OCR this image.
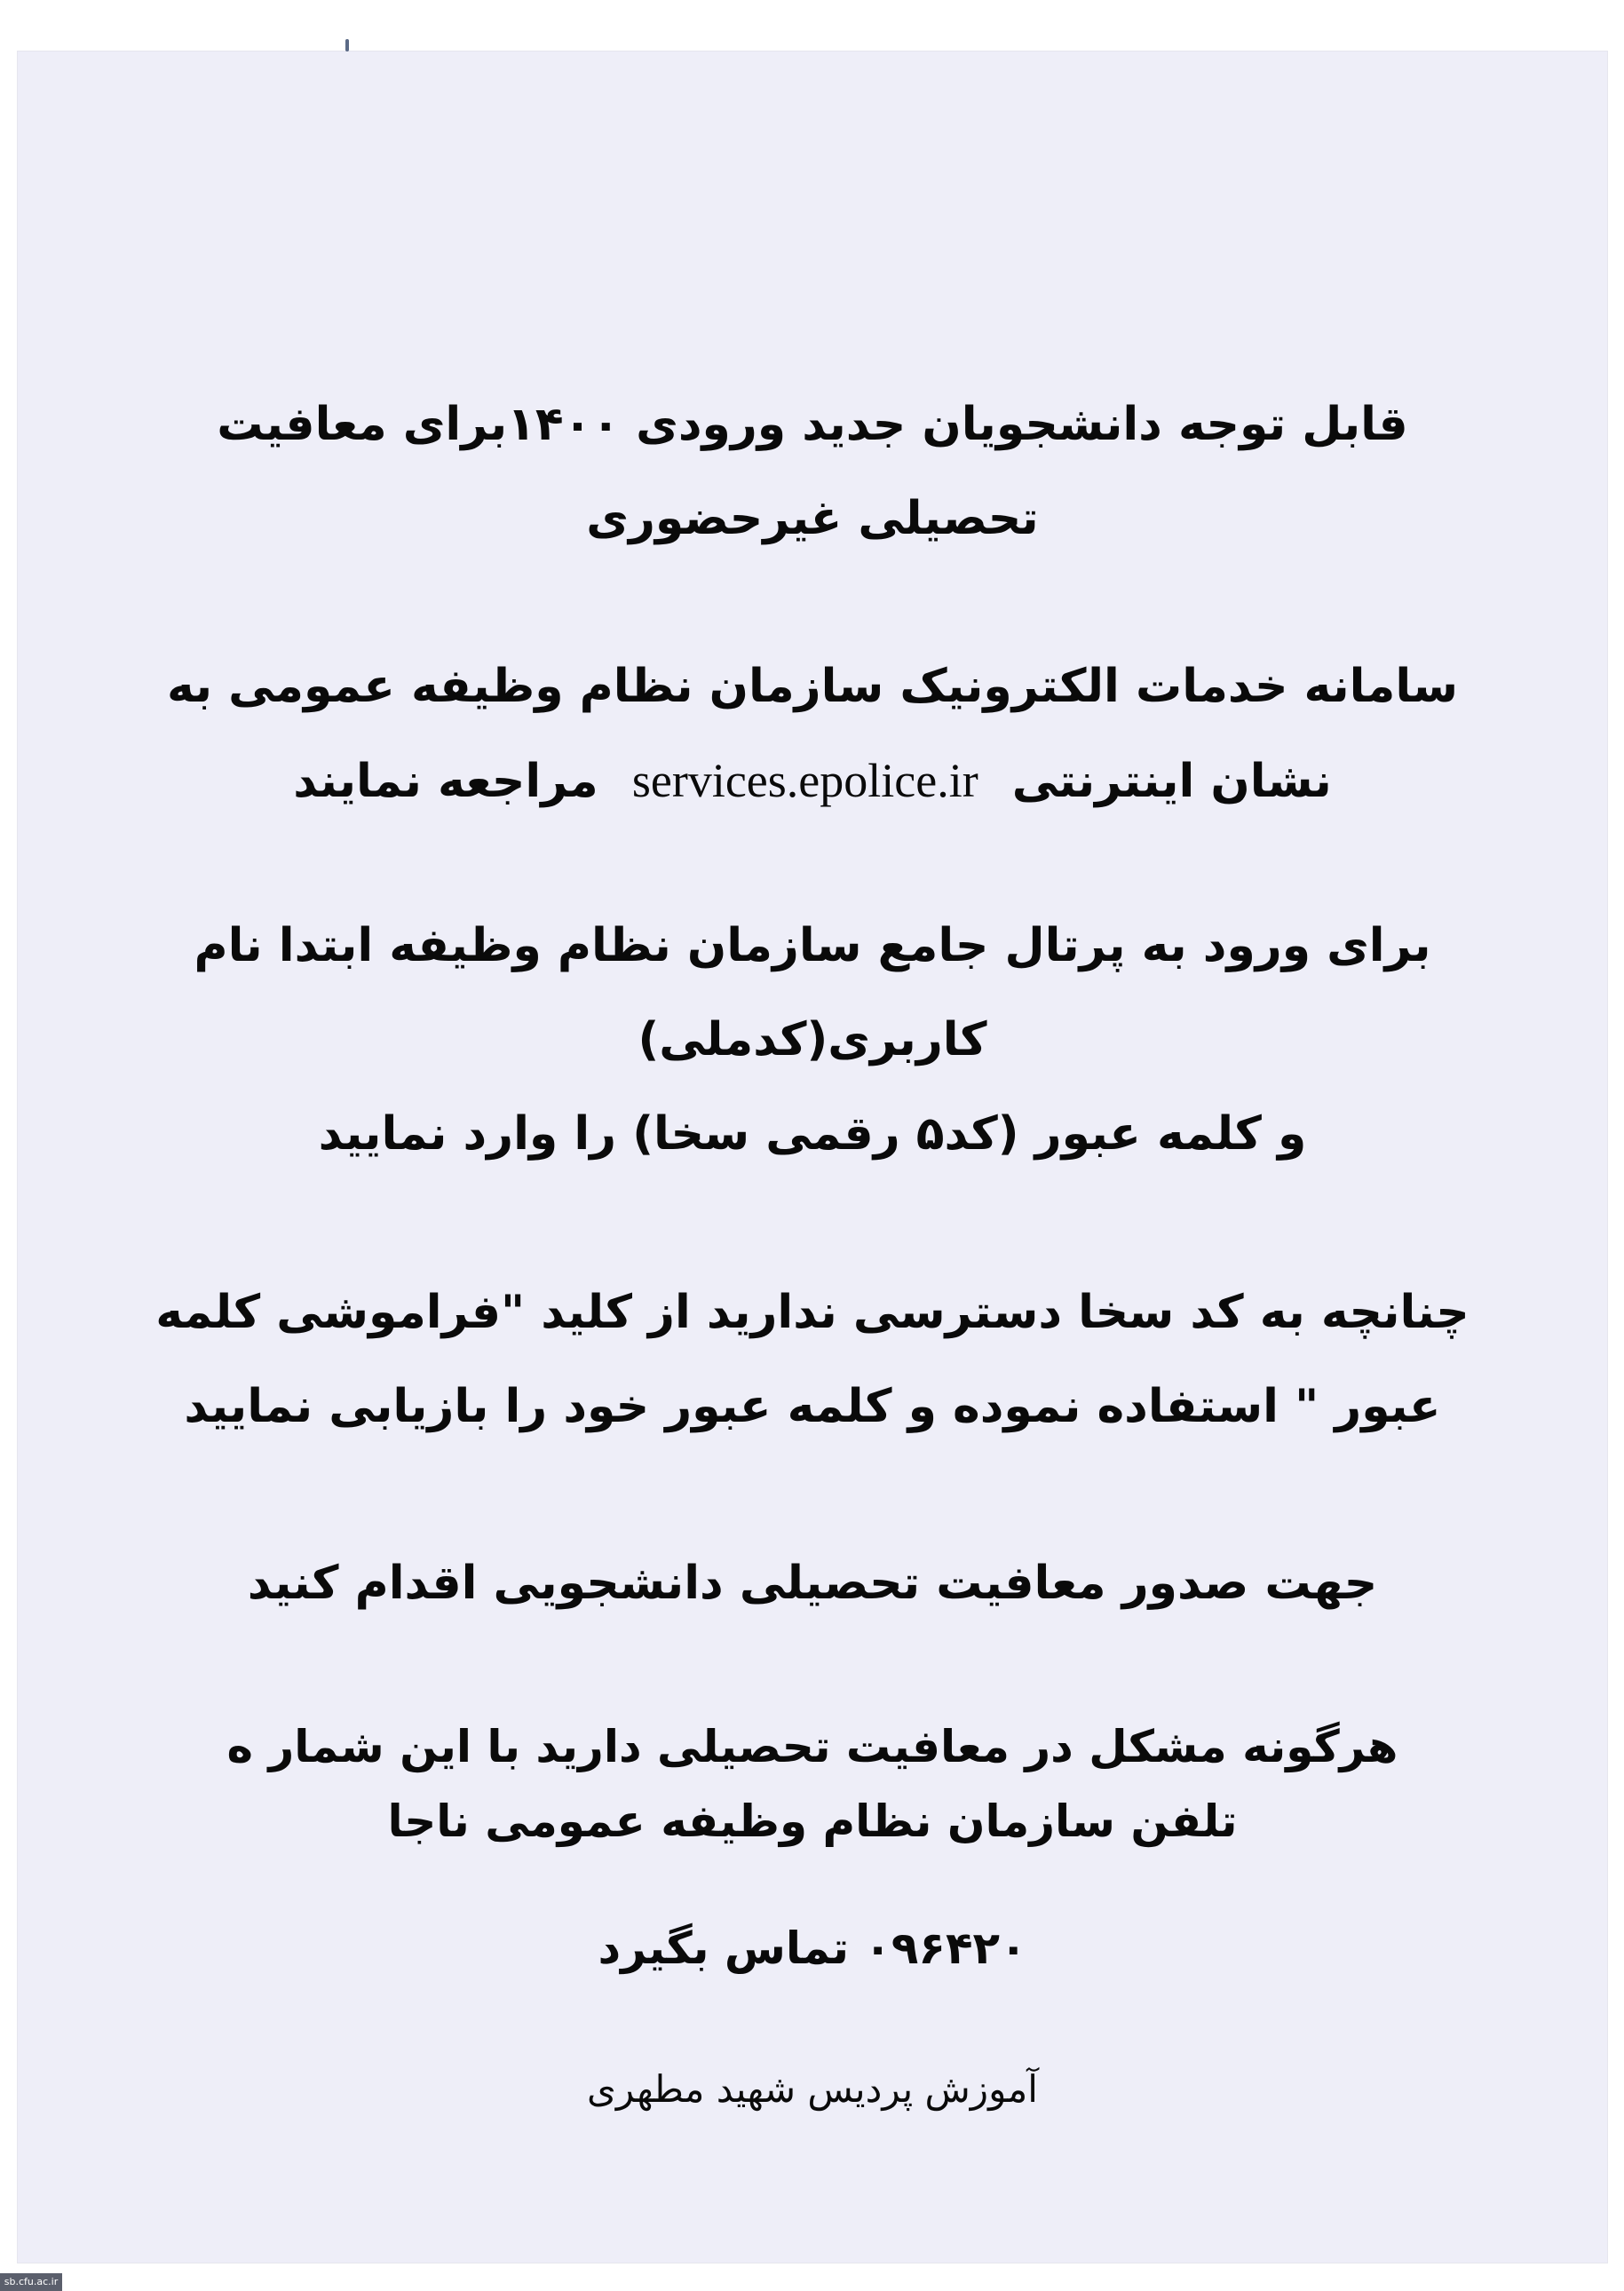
قابل توجه دانشجویان جدید ورودی ۱۴۰۰برای معافیت
تحصیلی غیرحضوری
سامانه خدمات الکترونیک سازمان نظام وظیفه عمومی به
نشان اینترنتی services.epolice.ir مراجعه نمایند
برای ورود به پرتال جامع سازمان نظام وظیفه ابتدا نام
کاربری(کدملی)
و کلمه عبور (کد۵ رقمی سخا) را وارد نمایید
چنانچه به کد سخا دسترسی ندارید از کلید "فراموشی کلمه
عبور " استفاده نموده و کلمه عبور خود را بازیابی نمایید
جهت صدور معافیت تحصیلی دانشجویی اقدام کنید
هرگونه مشکل در معافیت تحصیلی دارید با این شمار ه
تلفن سازمان نظام وظیفه عمومی ناجا
۰۹۶۴۲۰ تماس بگیرد
آموزش پردیس شهید مطهری
sb.cfu.ac.ir
